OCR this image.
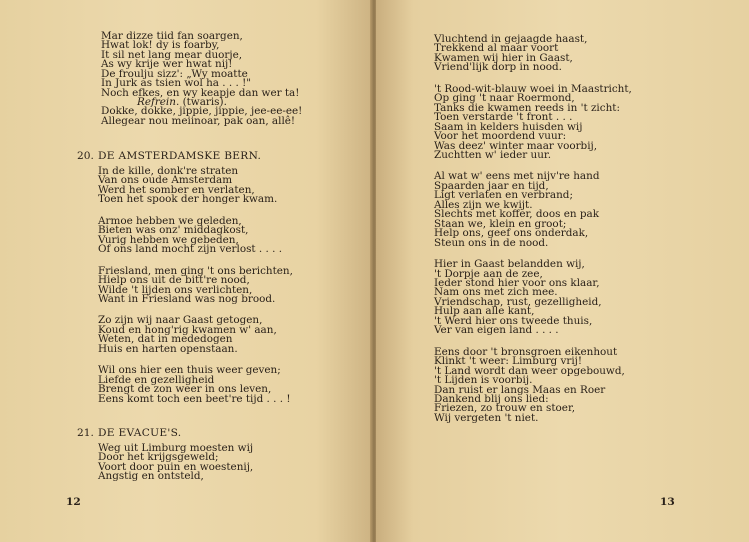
Mar dizze tiid fan soargen,
Hwat lok! dy is foarby,
It sil net lang mear duorje,
As wy krije wer hwat nij!
De froulju sizz': „Wy moatte
In Jurk as tsien wol ha . . . !"
Noch efkes, en wy keapje dan wer ta!
Refrein. (twaris).
Dokke, dokke, jippie, jippie, jee-ee-ee!
Allegear nou meiinoar, pak oan, allê!
20. DE AMSTERDAMSKE BERN.
In de kille, donk're straten
Van ons oude Amsterdam
Werd het somber en verlaten,
Toen het spook der honger kwam.
Armoe hebben we geleden,
Bieten was onz' middagkost,
Vurig hebben we gebeden,
Of ons land mocht zijn verlost . . . .
Friesland, men ging 't ons berichten,
Hielp ons uit de bitt're nood,
Wilde 't lijden ons verlichten,
Want in Friesland was nog brood.
Zo zijn wij naar Gaast getogen,
Koud en hong'rig kwamen w' aan,
Weten, dat in mededogen
Huis en harten openstaan.
Wil ons hier een thuis weer geven;
Liefde en gezelligheid
Brengt de zon weer in ons leven,
Eens komt toch een beet're tijd . . . !
21. DE EVACUE'S.
Weg uit Limburg moesten wij
Door het krijgsgeweld;
Voort door puin en woestenij,
Angstig en ontsteld,
12
Vluchtend in gejaagde haast,
Trekkend al maar voort
Kwamen wij hier in Gaast,
Vriend'lijk dorp in nood.
't Rood-wit-blauw woei in Maastricht,
Op ging 't naar Roermond,
Tanks die kwamen reeds in 't zicht:
Toen verstarde 't front . . .
Saam in kelders huisden wij
Voor het moordend vuur:
Was deez' winter maar voorbij,
Zuchtten w' ieder uur.
Al wat w' eens met nijv're hand
Spaarden jaar en tijd,
Ligt verlaten en verbrand;
Alles zijn we kwijt.
Slechts met koffer, doos en pak
Staan we, klein en groot;
Help ons, geef ons onderdak,
Steun ons in de nood.
Hier in Gaast belandden wij,
't Dorpje aan de zee,
Ieder stond hier voor ons klaar,
Nam ons met zich mee.
Vriendschap, rust, gezelligheid,
Hulp aan alle kant,
't Werd hier ons tweede thuis,
Ver van eigen land . . . .
Eens door 't bronsgroen eikenhout
Klinkt 't weer: Limburg vrij!
't Land wordt dan weer opgebouwd,
't Lijden is voorbij.
Dan ruist er langs Maas en Roer
Dankend blij ons lied:
Friezen, zo trouw en stoer,
Wij vergeten 't niet.
13
